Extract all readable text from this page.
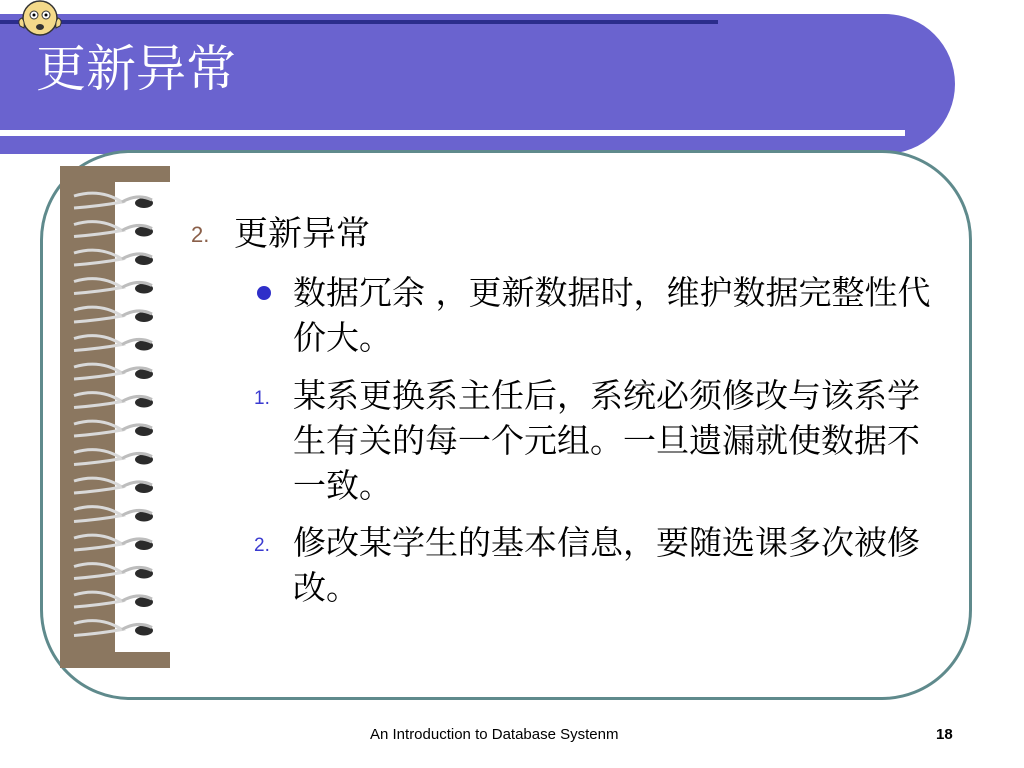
更新异常
2. 更新异常
数据冗余 ，更新数据时，维护数据完整性代价大。
1. 某系更换系主任后，系统必须修改与该系学生有关的每一个元组。一旦遗漏就使数据不一致。
2. 修改某学生的基本信息，要随选课多次被修改。
An Introduction to Database Systenm	18
